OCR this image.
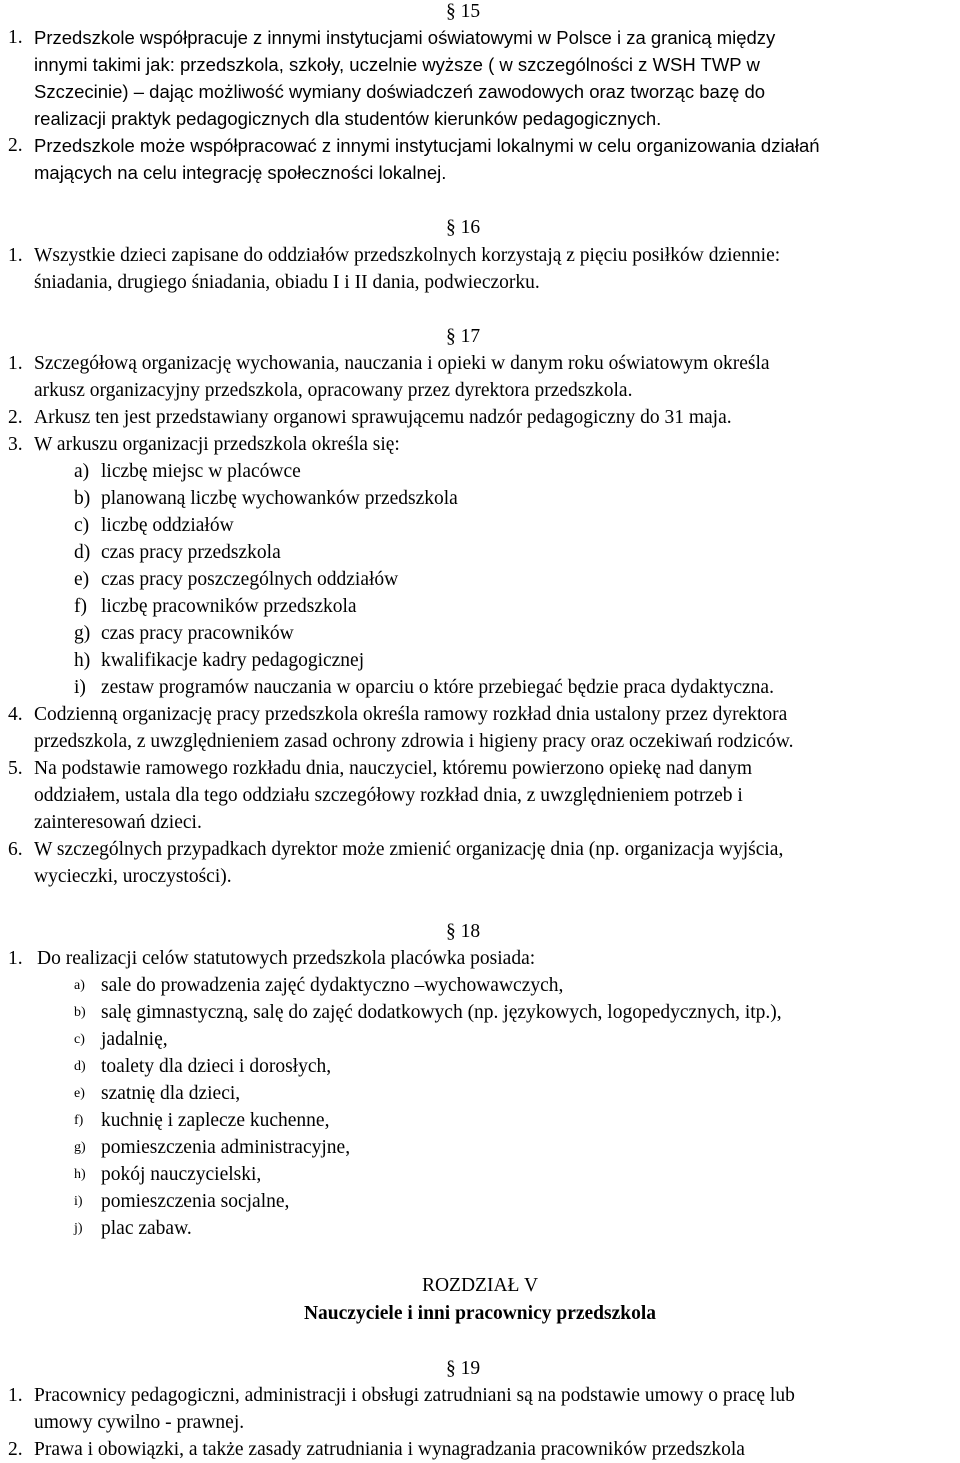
§ 15
1. Przedszkole współpracuje z innymi instytucjami oświatowymi w Polsce i za granicą między
innymi takimi jak: przedszkola, szkoły, uczelnie wyższe ( w szczególności z WSH TWP w
Szczecinie) – dając możliwość wymiany doświadczeń zawodowych oraz tworząc bazę do
realizacji praktyk pedagogicznych dla studentów kierunków pedagogicznych.
2. Przedszkole może współpracować z innymi instytucjami lokalnymi w celu organizowania działań
mających na celu integrację społeczności lokalnej.
§ 16
1. Wszystkie dzieci zapisane do oddziałów przedszkolnych korzystają z pięciu posiłków dziennie:
śniadania, drugiego śniadania, obiadu I i II dania, podwieczorku.
§ 17
1. Szczegółową organizację wychowania, nauczania i opieki w danym roku oświatowym określa
arkusz organizacyjny przedszkola, opracowany przez dyrektora przedszkola.
2. Arkusz ten jest przedstawiany organowi sprawującemu nadzór pedagogiczny do 31 maja.
3. W arkuszu organizacji przedszkola określa się:
a) liczbę miejsc w placówce
b) planowaną liczbę wychowanków przedszkola
c) liczbę oddziałów
d) czas pracy przedszkola
e) czas pracy poszczególnych oddziałów
f) liczbę pracowników przedszkola
g) czas pracy pracowników
h) kwalifikacje kadry pedagogicznej
i) zestaw programów nauczania w oparciu o które przebiegać będzie praca dydaktyczna.
4. Codzienną organizację pracy przedszkola określa ramowy rozkład dnia ustalony przez dyrektora
przedszkola, z uwzględnieniem zasad ochrony zdrowia i higieny pracy oraz oczekiwań rodziców.
5. Na podstawie ramowego rozkładu dnia, nauczyciel, któremu powierzono opiekę nad danym
oddziałem, ustala dla tego oddziału szczegółowy rozkład dnia, z uwzględnieniem potrzeb i
zainteresowań dzieci.
6. W szczególnych przypadkach dyrektor może zmienić organizację dnia (np. organizacja wyjścia,
wycieczki, uroczystości).
§ 18
1. Do realizacji celów statutowych przedszkola placówka posiada:
a) sale do prowadzenia zajęć dydaktyczno –wychowawczych,
b) salę gimnastyczną, salę do zajęć dodatkowych (np. językowych, logopedycznych, itp.),
c) jadalnię,
d) toalety dla dzieci i dorosłych,
e) szatnię dla dzieci,
f) kuchnię i zaplecze kuchenne,
g) pomieszczenia administracyjne,
h) pokój nauczycielski,
i) pomieszczenia socjalne,
j) plac zabaw.
ROZDZIAŁ V
Nauczyciele i inni pracownicy przedszkola
§ 19
1. Pracownicy pedagogiczni, administracji i obsługi zatrudniani są na podstawie umowy o pracę lub
umowy cywilno - prawnej.
2. Prawa i obowiązki, a także zasady zatrudniania i wynagradzania pracowników przedszkola
